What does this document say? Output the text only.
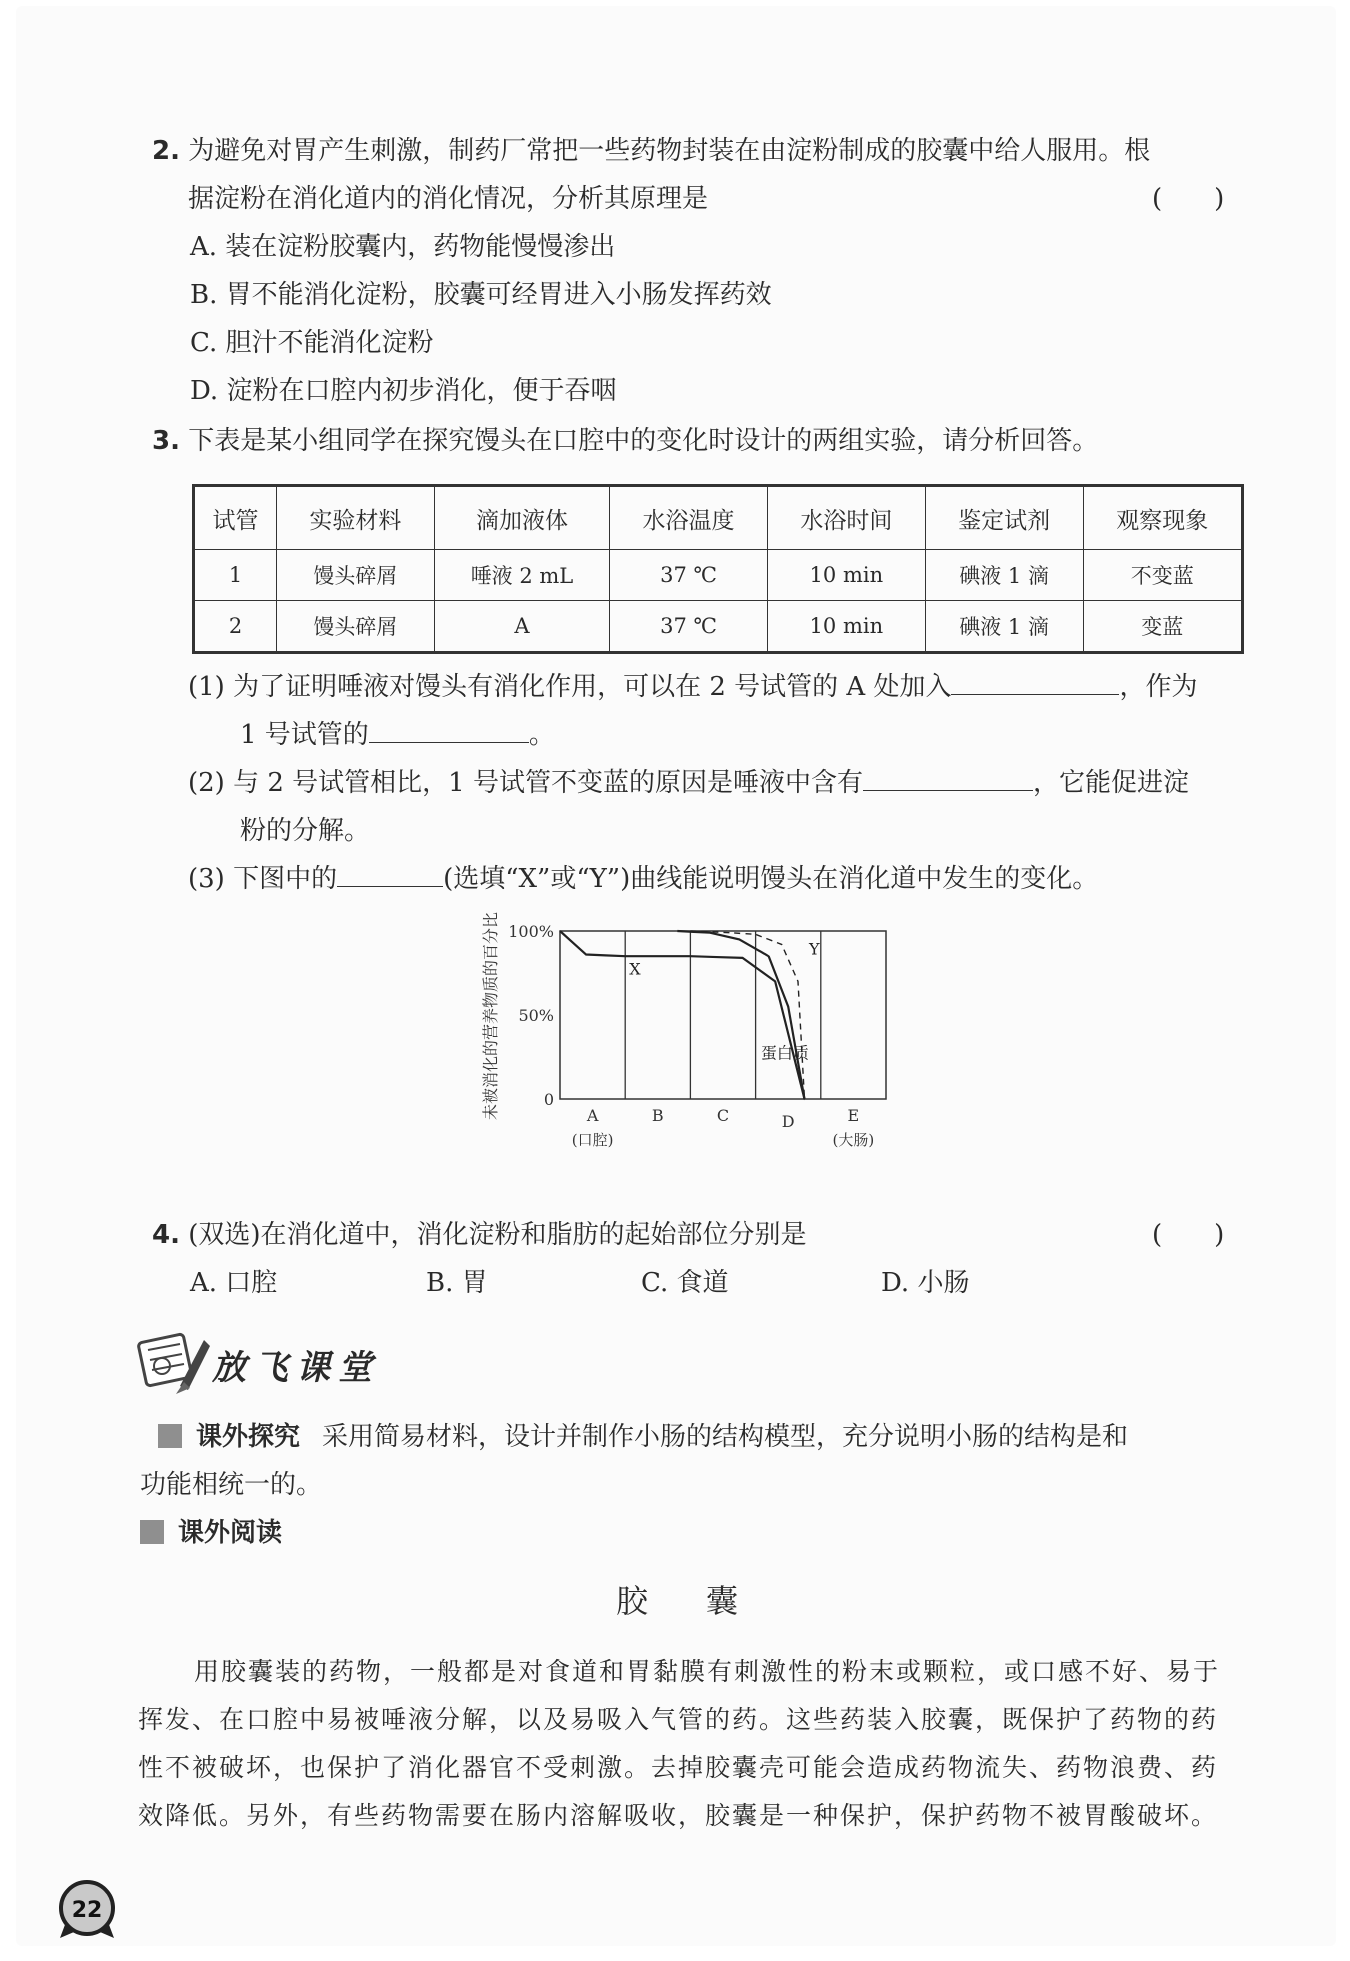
2. 为避免对胃产生刺激，制药厂常把一些药物封装在由淀粉制成的胶囊中给人服用。根
据淀粉在消化道内的消化情况，分析其原理是	(　　)
A. 装在淀粉胶囊内，药物能慢慢渗出
B. 胃不能消化淀粉，胶囊可经胃进入小肠发挥药效
C. 胆汁不能消化淀粉
D. 淀粉在口腔内初步消化，便于吞咽
3. 下表是某小组同学在探究馒头在口腔中的变化时设计的两组实验，请分析回答。
试管	实验材料	滴加液体	水浴温度	水浴时间	鉴定试剂	观察现象
1	馒头碎屑	唾液 2 mL	37 ℃	10 min	碘液 1 滴	不变蓝
2	馒头碎屑	A	37 ℃	10 min	碘液 1 滴	变蓝
(1) 为了证明唾液对馒头有消化作用，可以在 2 号试管的 A 处加入	，作为
1 号试管的	。
(2) 与 2 号试管相比，1 号试管不变蓝的原因是唾液中含有	，它能促进淀
粉的分解。
(3) 下图中的	(选填“X”或“Y”)曲线能说明馒头在消化道中发生的变化。
未被消化的营养物质的百分比 100%
50%
0
A
(口腔)
B	C	D	E
(大肠)
X
蛋白质
Y
4. (双选)在消化道中，消化淀粉和脂肪的起始部位分别是	(　　)
A. 口腔	B. 胃	C. 食道	D. 小肠
放飞课堂
课外探究 采用简易材料，设计并制作小肠的结构模型，充分说明小肠的结构是和
功能相统一的。
课外阅读
胶囊
用胶囊装的药物，一般都是对食道和胃黏膜有刺激性的粉末或颗粒，或口感不好、易于
挥发、在口腔中易被唾液分解，以及易吸入气管的药。这些药装入胶囊，既保护了药物的药
性不被破坏，也保护了消化器官不受刺激。去掉胶囊壳可能会造成药物流失、药物浪费、药
效降低。另外，有些药物需要在肠内溶解吸收，胶囊是一种保护，保护药物不被胃酸破坏。
22
